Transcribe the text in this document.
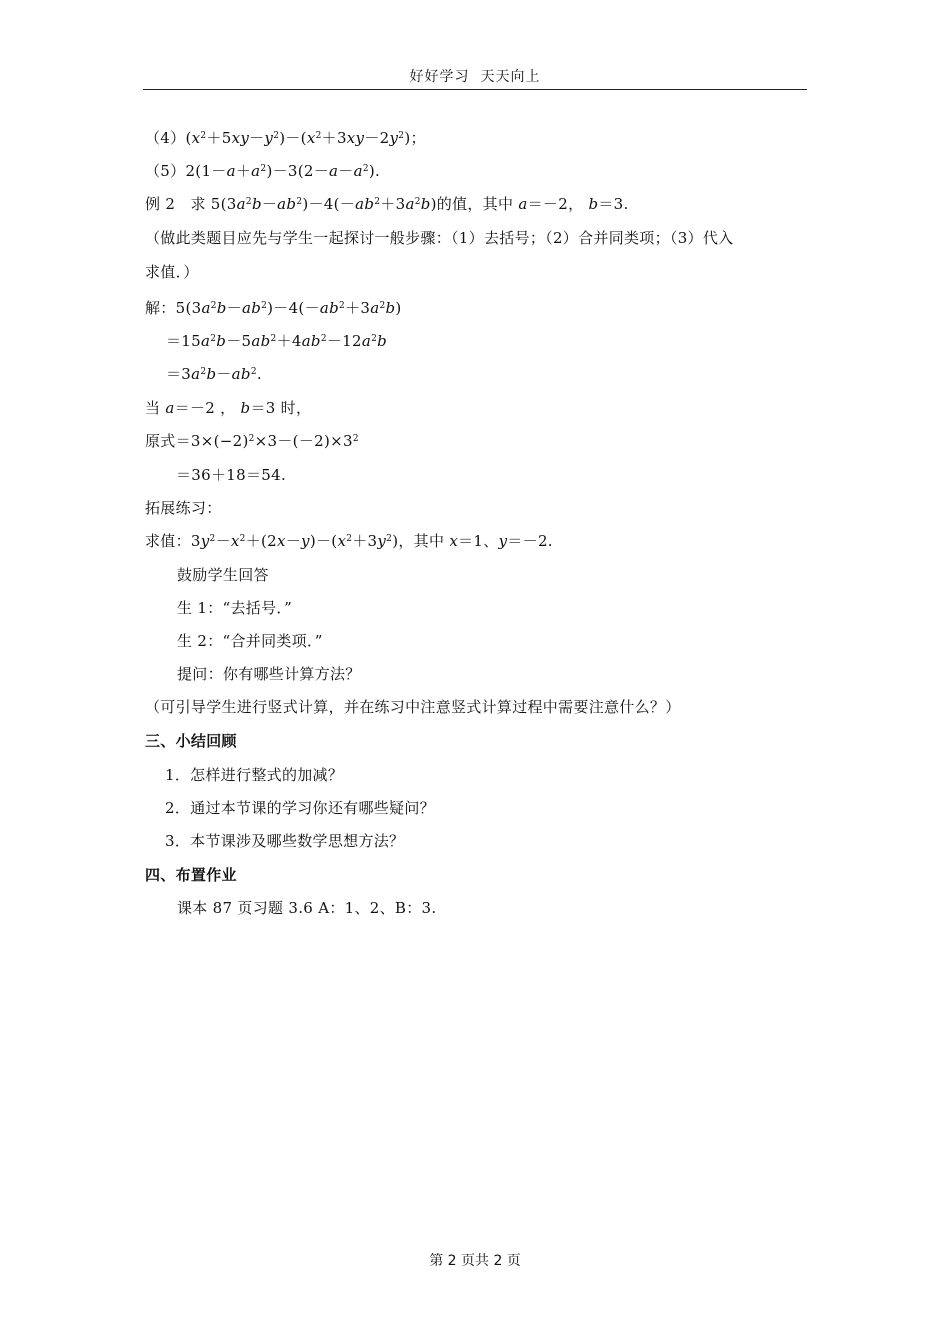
好好学习  天天向上
$(4)(x^2+5xy-y^2)-(x^2+3xy-2y^2)$；
$(5)2(1-a+a^2)-3(2-a-a^2)$.
例 2 求 $5(3a^2b-ab^2)-4(-ab^2+3a^2b)$的值，其中 a＝－2， b＝3.
（做此类题目应先与学生一起探讨一般步骤：（1）去括号；（2）合并同类项；（3）代入
求值．）
解：$5(3a^2b-ab^2)-4(-ab^2+3a^2b)$
$=15a^2b-5ab^2+4ab^2-12a^2b$
$=3a^2b-ab^2$.
当 a＝－2 ， b＝3 时，
原式$=3\times(-2)^2\times 3-(-2)\times 3^2$
＝36＋18＝54.
拓展练习：
求值：$3y^2-x^2+(2x-y)-(x^2+3y^2)$，其中 x＝1、y＝－2.
鼓励学生回答
生 1：“去括号．”
生 2：“合并同类项．”
提问：你有哪些计算方法？
（可引导学生进行竖式计算，并在练习中注意竖式计算过程中需要注意什么？）
三、小结回顾
1．怎样进行整式的加减？
2．通过本节课的学习你还有哪些疑问？
3．本节课涉及哪些数学思想方法？
四、布置作业
课本 87 页习题 3.6 A：1、2、B：3.
第 2 页共 2 页
